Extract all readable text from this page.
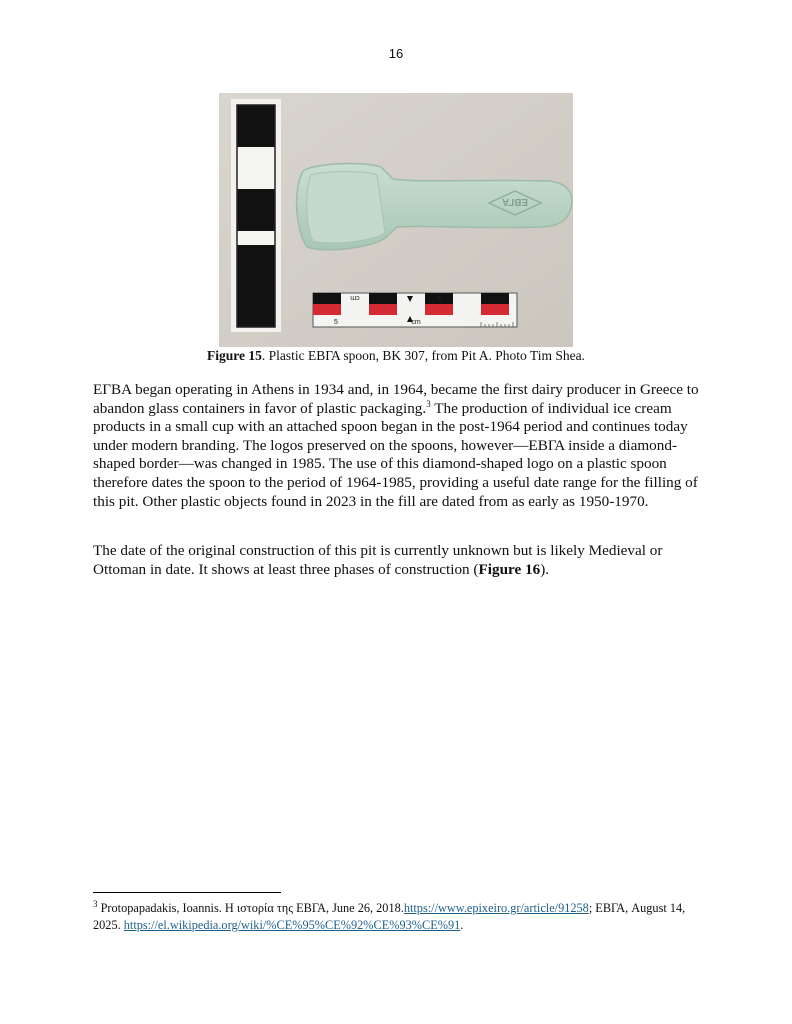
16
ΕΒΓΑ
cm	5
5	cm
Figure 15. Plastic ΕΒΓΑ spoon, BK 307, from Pit A. Photo Tim Shea.

ΕΓΒΑ began operating in Athens in 1934 and, in 1964, became the first dairy producer in Greece to abandon glass containers in favor of plastic packaging.$^3$ The production of individual ice cream products in a small cup with an attached spoon began in the post-1964 period and continues today under modern branding. The logos preserved on the spoons, however—ΕΒΓΑ inside a diamond-shaped border—was changed in 1985. The use of this diamond-shaped logo on a plastic spoon therefore dates the spoon to the period of 1964-1985, providing a useful date range for the filling of this pit. Other plastic objects found in 2023 in the fill are dated from as early as 1950-1970.

The date of the original construction of this pit is currently unknown but is likely Medieval or Ottoman in date. It shows at least three phases of construction (Figure 16).

$^3$ Protopapadakis, Ioannis. Η ιστορία της ΕΒΓΑ, June 26, 2018.https://www.epixeiro.gr/article/91258; ΕΒΓΑ, August 14, 2025. https://el.wikipedia.org/wiki/%CE%95%CE%92%CE%93%CE%91.
